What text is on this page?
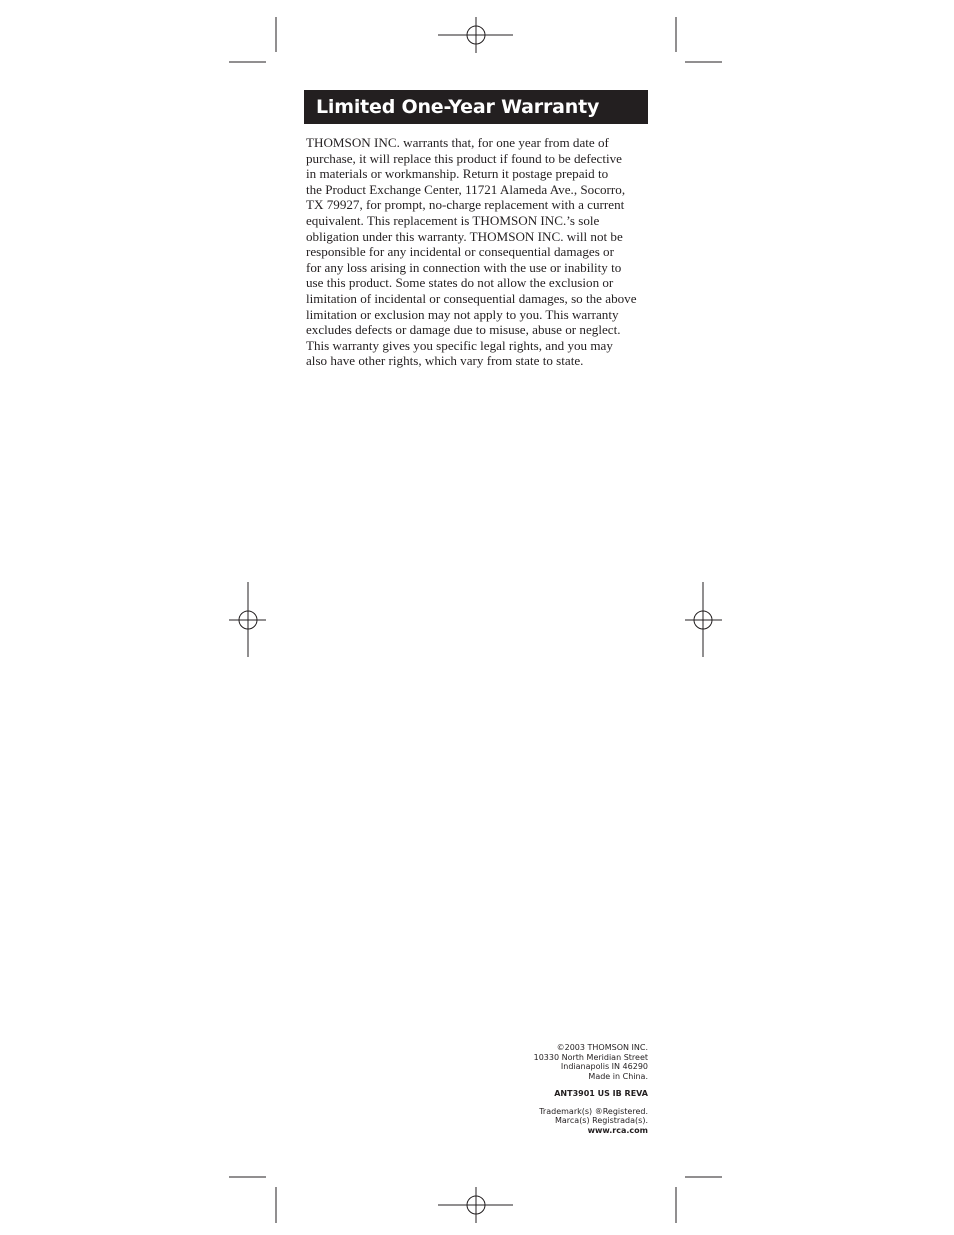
Limited One-Year Warranty
THOMSON INC. warrants that, for one year from date of
purchase, it will replace this product if found to be defective
in materials or workmanship. Return it postage prepaid to
the Product Exchange Center, 11721 Alameda Ave., Socorro,
TX 79927, for prompt, no-charge replacement with a current
equivalent. This replacement is THOMSON INC.’s sole
obligation under this warranty. THOMSON INC. will not be
responsible for any incidental or consequential damages or
for any loss arising in connection with the use or inability to
use this product. Some states do not allow the exclusion or
limitation of incidental or consequential damages, so the above
limitation or exclusion may not apply to you. This warranty
excludes defects or damage due to misuse, abuse or neglect.
This warranty gives you specific legal rights, and you may
also have other rights, which vary from state to state.
©2003 THOMSON INC.
10330 North Meridian Street
Indianapolis IN 46290
Made in China.
ANT3901 US IB REVA
Trademark(s) ®Registered.
Marca(s) Registrada(s).
www.rca.com
